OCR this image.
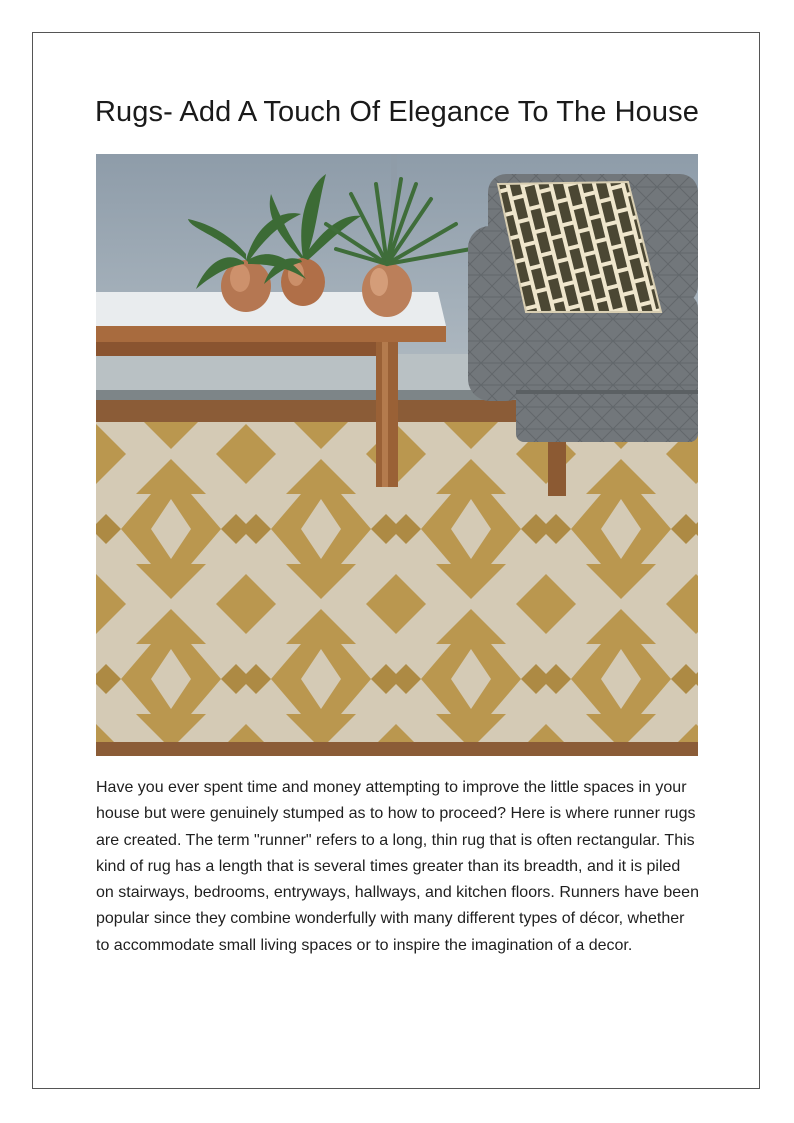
Rugs- Add A Touch Of Elegance To The House

Have you ever spent time and money attempting to improve the little spaces in your house but were genuinely stumped as to how to proceed? Here is where runner rugs are created. The term "runner" refers to a long, thin rug that is often rectangular. This kind of rug has a length that is several times greater than its breadth, and it is piled on stairways, bedrooms, entryways, hallways, and kitchen floors. Runners have been popular since they combine wonderfully with many different types of décor, whether to accommodate small living spaces or to inspire the imagination of a decor.
